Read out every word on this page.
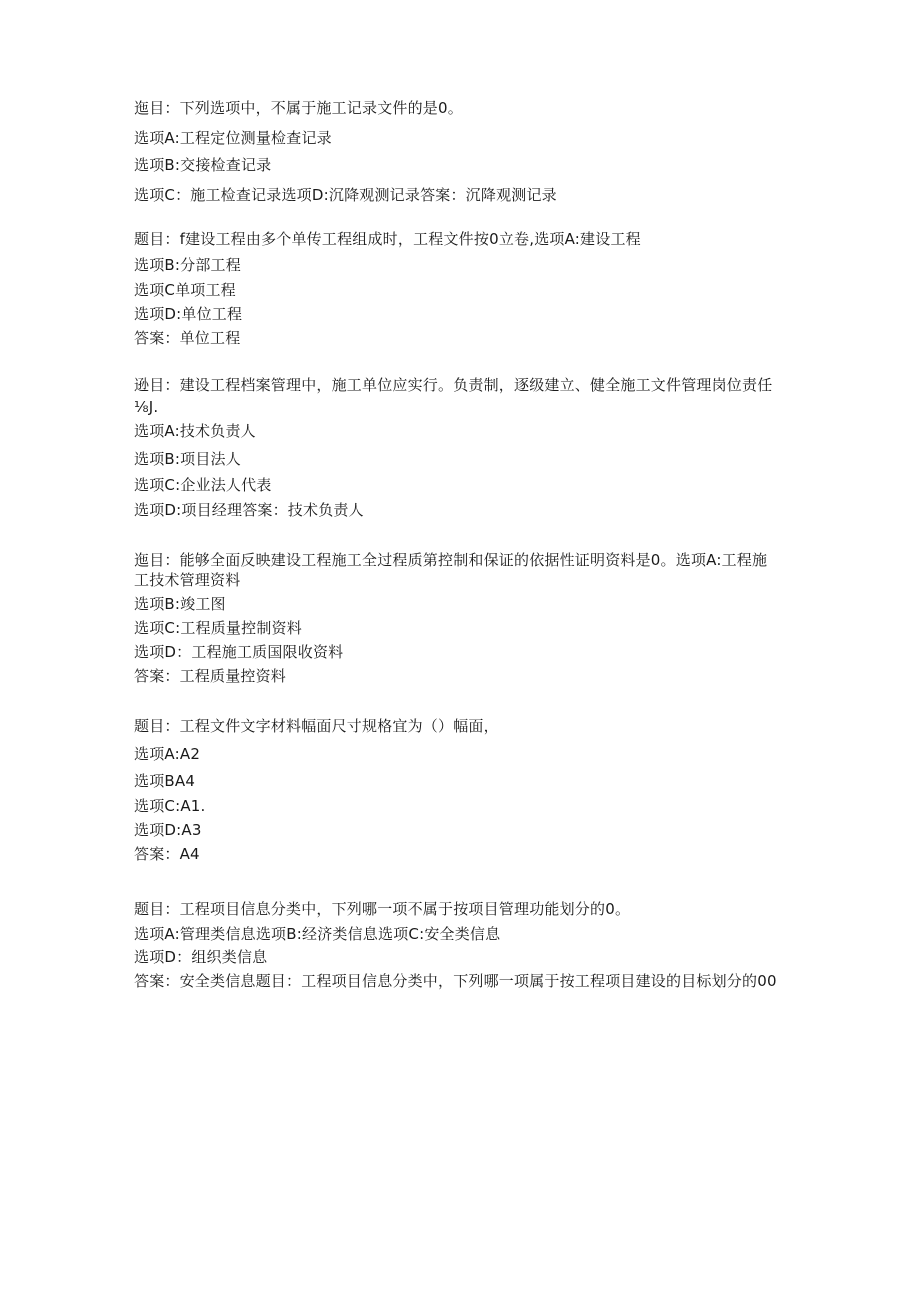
迤目：下列选项中，不属于施工记录文件的是0。
选项A:工程定位测量检查记录
选项B:交接检查记录
选项C：施工检查记录选项D:沉降观测记录答案：沉降观测记录
题目：f建设工程由多个单传工程组成时，工程文件按0立卷,选项A:建设工程
选项B:分部工程
选项C单项工程
选项D:单位工程
答案：单位工程
逊目：建设工程档案管理中，施工单位应实行。负责制，逐级建立、健全施工文件管理岗位责任
⅛J.
选项A:技术负责人
选项B:项目法人
选项C:企业法人代表
选项D:项目经理答案：技术负责人
迤目：能够全面反映建设工程施工全过程质第控制和保证的依据性证明资料是0。选项A:工程施
工技术管理资料
选项B:竣工图
选项C:工程质量控制资料
选项D：工程施工质国限收资料
答案：工程质量控资料
题目：工程文件文字材料幅面尺寸规格宜为（）幅面，
选项A:A2
选项BA4
选项C:A1.
选项D:A3
答案：A4
题目：工程项目信息分类中，下列哪一项不属于按项目管理功能划分的0。
选项A:管理类信息选项B:经济类信息选项C:安全类信息
选项D：组织类信息
答案：安全类信息题目：工程项目信息分类中，下列哪一项属于按工程项目建设的目标划分的00
